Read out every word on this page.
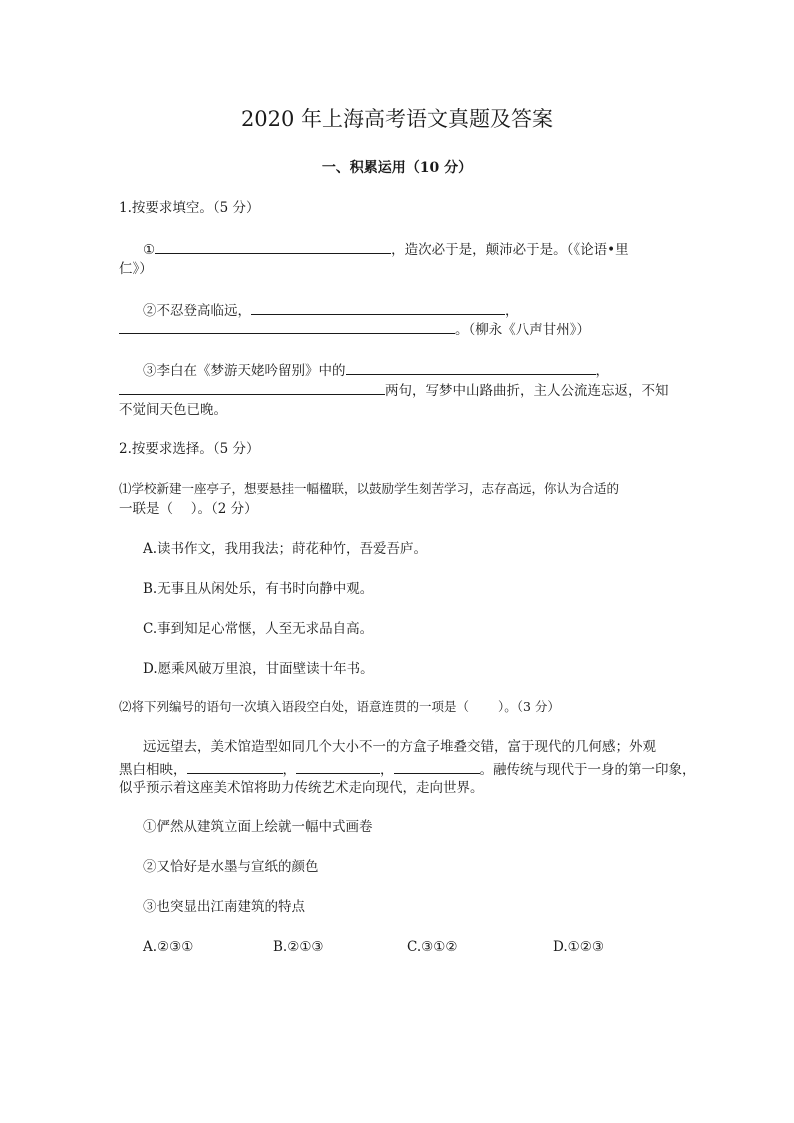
2020 年上海高考语文真题及答案
一、积累运用（10 分）
1.按要求填空。（5 分）
①	，造次必于是，颠沛必于是。（《论语•里
仁》）
②不忍登高临远，	，
。（柳永《八声甘州》）
③李白在《梦游天姥吟留别》中的	，
两句，写梦中山路曲折，主人公流连忘返，不知
不觉间天色已晚。
2.按要求选择。（5 分）
⑴学校新建一座亭子，想要悬挂一幅楹联，以鼓励学生刻苦学习，志存高远，你认为合适的
一联是（　 ）。（2 分）
A.读书作文，我用我法；莳花种竹，吾爱吾庐。
B.无事且从闲处乐，有书时向静中观。
C.事到知足心常惬，人至无求品自高。
D.愿乘风破万里浪，甘面壁读十年书。
⑵将下列编号的语句一次填入语段空白处，语意连贯的一项是（　　 ）。（3 分）
远远望去，美术馆造型如同几个大小不一的方盒子堆叠交错，富于现代的几何感；外观
黑白相映，	，	，	。融传统与现代于一身的第一印象，
似乎预示着这座美术馆将助力传统艺术走向现代，走向世界。
①俨然从建筑立面上绘就一幅中式画卷
②又恰好是水墨与宣纸的颜色
③也突显出江南建筑的特点
A.②③①	B.②①③	C.③①②	D.①②③
